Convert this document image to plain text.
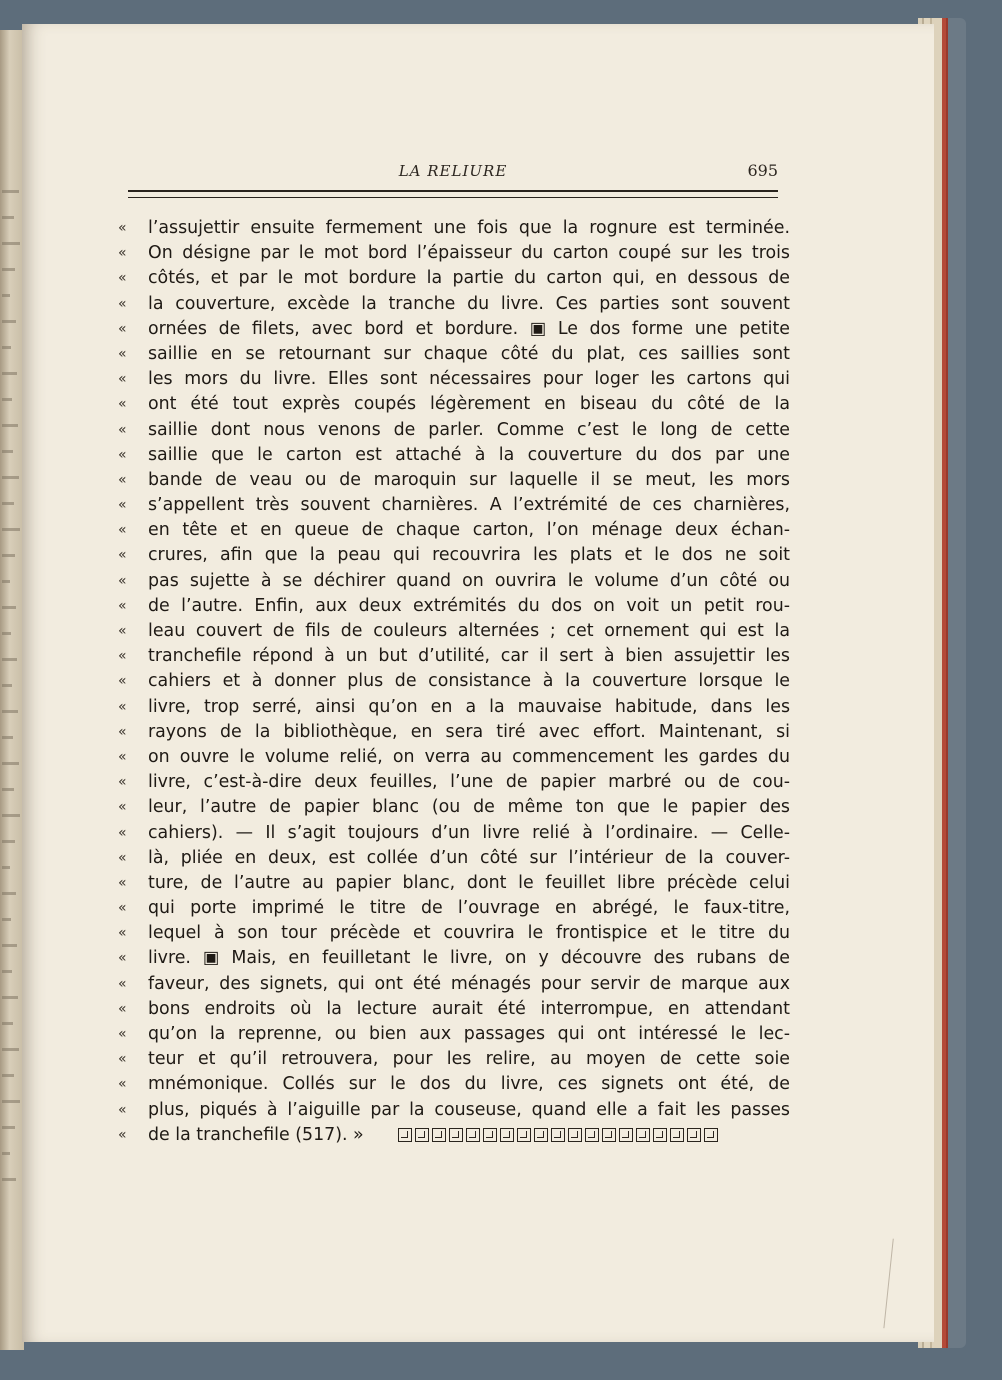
LA RELIURE	695
« l’assujettir ensuite fermement une fois que la rognure est terminée.
« On désigne par le mot bord l’épaisseur du carton coupé sur les trois
« côtés, et par le mot bordure la partie du carton qui, en dessous de
« la couverture, excède la tranche du livre. Ces parties sont souvent
« ornées de filets, avec bord et bordure. ▣ Le dos forme une petite
« saillie en se retournant sur chaque côté du plat, ces saillies sont
« les mors du livre. Elles sont nécessaires pour loger les cartons qui
« ont été tout exprès coupés légèrement en biseau du côté de la
« saillie dont nous venons de parler. Comme c’est le long de cette
« saillie que le carton est attaché à la couverture du dos par une
« bande de veau ou de maroquin sur laquelle il se meut, les mors
« s’appellent très souvent charnières. A l’extrémité de ces charnières,
« en tête et en queue de chaque carton, l’on ménage deux échan-
« crures, afin que la peau qui recouvrira les plats et le dos ne soit
« pas sujette à se déchirer quand on ouvrira le volume d’un côté ou
« de l’autre. Enfin, aux deux extrémités du dos on voit un petit rou-
« leau couvert de fils de couleurs alternées ; cet ornement qui est la
« tranchefile répond à un but d’utilité, car il sert à bien assujettir les
« cahiers et à donner plus de consistance à la couverture lorsque le
« livre, trop serré, ainsi qu’on en a la mauvaise habitude, dans les
« rayons de la bibliothèque, en sera tiré avec effort. Maintenant, si
« on ouvre le volume relié, on verra au commencement les gardes du
« livre, c’est-à-dire deux feuilles, l’une de papier marbré ou de cou-
« leur, l’autre de papier blanc (ou de même ton que le papier des
« cahiers). — Il s’agit toujours d’un livre relié à l’ordinaire. — Celle-
« là, pliée en deux, est collée d’un côté sur l’intérieur de la couver-
« ture, de l’autre au papier blanc, dont le feuillet libre précède celui
« qui porte imprimé le titre de l’ouvrage en abrégé, le faux-titre,
« lequel à son tour précède et couvrira le frontispice et le titre du
« livre. ▣ Mais, en feuilletant le livre, on y découvre des rubans de
« faveur, des signets, qui ont été ménagés pour servir de marque aux
« bons endroits où la lecture aurait été interrompue, en attendant
« qu’on la reprenne, ou bien aux passages qui ont intéressé le lec-
« teur et qu’il retrouvera, pour les relire, au moyen de cette soie
« mnémonique. Collés sur le dos du livre, ces signets ont été, de
« plus, piqués à l’aiguille par la couseuse, quand elle a fait les passes
« de la tranchefile (517). »
